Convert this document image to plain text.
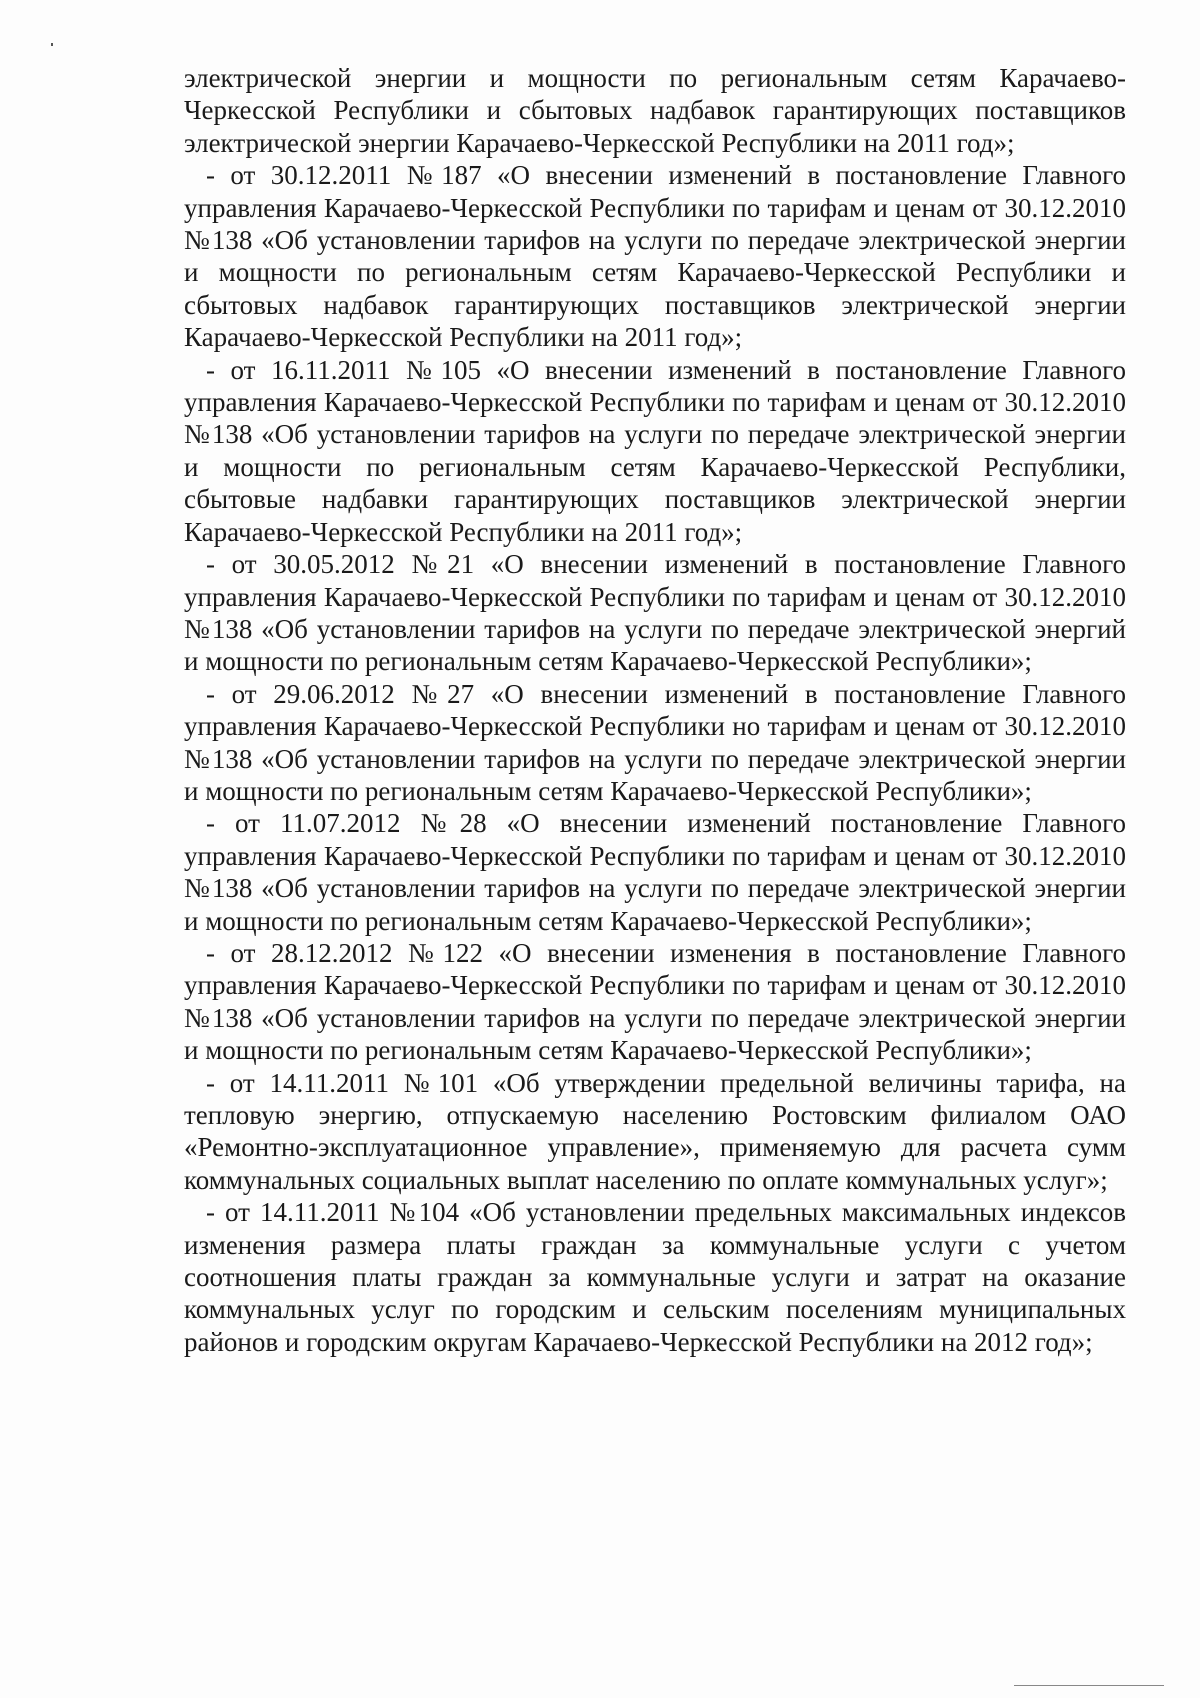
электрической энергии и мощности по региональным сетям Карачаево-Черкесской Республики и сбытовых надбавок гарантирующих поставщиков электрической энергии Карачаево-Черкесской Республики на 2011 год»;

- от 30.12.2011 №187 «О внесении изменений в постановление Главного управления Карачаево-Черкесской Республики по тарифам и ценам от 30.12.2010 №138 «Об установлении тарифов на услуги по передаче электрической энергии и мощности по региональным сетям Карачаево-Черкесской Республики и сбытовых надбавок гарантирующих поставщиков электрической энергии Карачаево-Черкесской Республики на 2011 год»;

- от 16.11.2011 №105 «О внесении изменений в постановление Главного управления Карачаево-Черкесской Республики по тарифам и ценам от 30.12.2010 №138 «Об установлении тарифов на услуги по передаче электрической энергии и мощности по региональным сетям Карачаево-Черкесской Республики, сбытовые надбавки гарантирующих поставщиков электрической энергии Карачаево-Черкесской Республики на 2011 год»;

- от 30.05.2012 №21 «О внесении изменений в постановление Главного управления Карачаево-Черкесской Республики по тарифам и ценам от 30.12.2010 №138 «Об установлении тарифов на услуги по передаче электрической энергий и мощности по региональным сетям Карачаево-Черкесской Республики»;

- от 29.06.2012 №27 «О внесении изменений в постановление Главного управления Карачаево-Черкесской Республики но тарифам и ценам от 30.12.2010 №138 «Об установлении тарифов на услуги по передаче электрической энергии и мощности по региональным сетям Карачаево-Черкесской Республики»;

- от 11.07.2012 №28 «О внесении изменений постановление Главного управления Карачаево-Черкесской Республики по тарифам и ценам от 30.12.2010 №138 «Об установлении тарифов на услуги по передаче электрической энергии и мощности по региональным сетям Карачаево-Черкесской Республики»;

- от 28.12.2012 №122 «О внесении изменения в постановление Главного управления Карачаево-Черкесской Республики по тарифам и ценам от 30.12.2010 №138 «Об установлении тарифов на услуги по передаче электрической энергии и мощности по региональным сетям Карачаево-Черкесской Республики»;

- от 14.11.2011 №101 «Об утверждении предельной величины тарифа, на тепловую энергию, отпускаемую населению Ростовским филиалом ОАО «Ремонтно-эксплуатационное управление», применяемую для расчета сумм коммунальных социальных выплат населению по оплате коммунальных услуг»;

- от 14.11.2011 №104 «Об установлении предельных максимальных индексов изменения размера платы граждан за коммунальные услуги с учетом соотношения платы граждан за коммунальные услуги и затрат на оказание коммунальных услуг по городским и сельским поселениям муниципальных районов и городским округам Карачаево-Черкесской Республики на 2012 год»;
